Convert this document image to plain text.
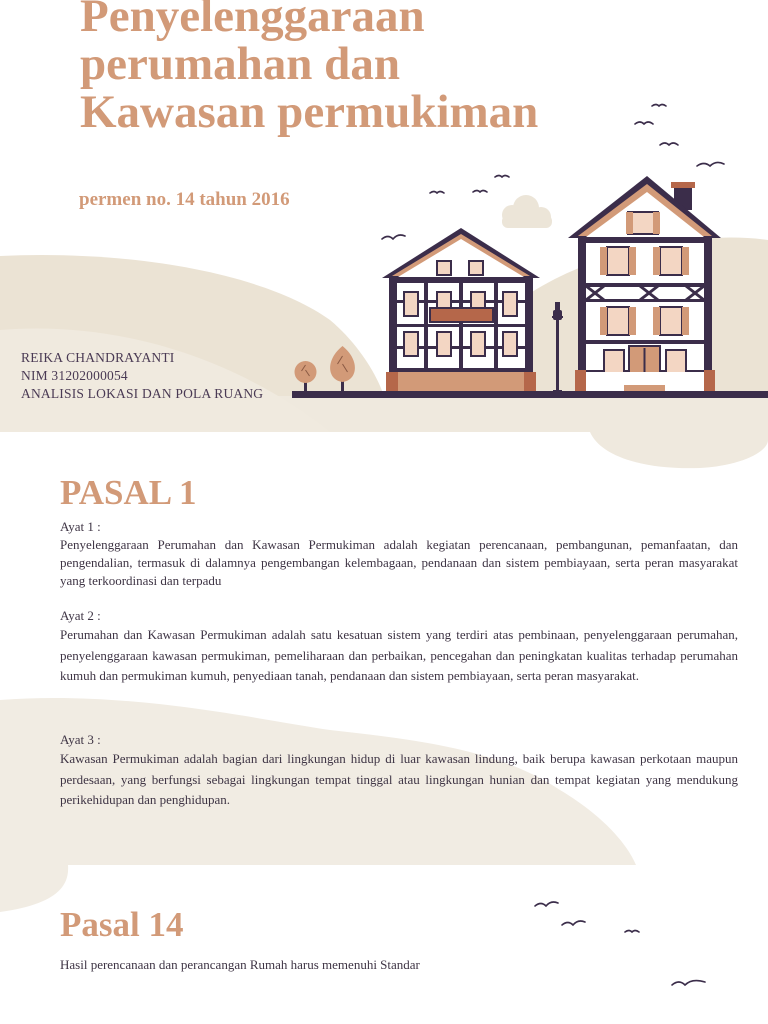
Penyelenggaraan
perumahan dan
Kawasan permukiman

permen no. 14 tahun 2016

REIKA CHANDRAYANTI
NIM 31202000054
ANALISIS LOKASI DAN POLA RUANG
PASAL 1
Ayat 1 :
Penyelenggaraan Perumahan dan Kawasan Permukiman adalah kegiatan perencanaan, pembangunan, pemanfaatan, dan pengendalian, termasuk di dalamnya pengembangan kelembagaan, pendanaan dan sistem pembiayaan, serta peran masyarakat yang terkoordinasi dan terpadu
Ayat 2 :
Perumahan dan Kawasan Permukiman adalah satu kesatuan sistem yang terdiri atas pembinaan, penyelenggaraan perumahan, penyelenggaraan kawasan permukiman, pemeliharaan dan perbaikan, pencegahan dan peningkatan kualitas terhadap perumahan kumuh dan permukiman kumuh, penyediaan tanah, pendanaan dan sistem pembiayaan, serta peran masyarakat.
Ayat 3 :
Kawasan Permukiman adalah bagian dari lingkungan hidup di luar kawasan lindung, baik berupa kawasan perkotaan maupun perdesaan, yang berfungsi sebagai lingkungan tempat tinggal atau lingkungan hunian dan tempat kegiatan yang mendukung perikehidupan dan penghidupan.
Pasal 14
Hasil perencanaan dan perancangan Rumah harus memenuhi Standar
